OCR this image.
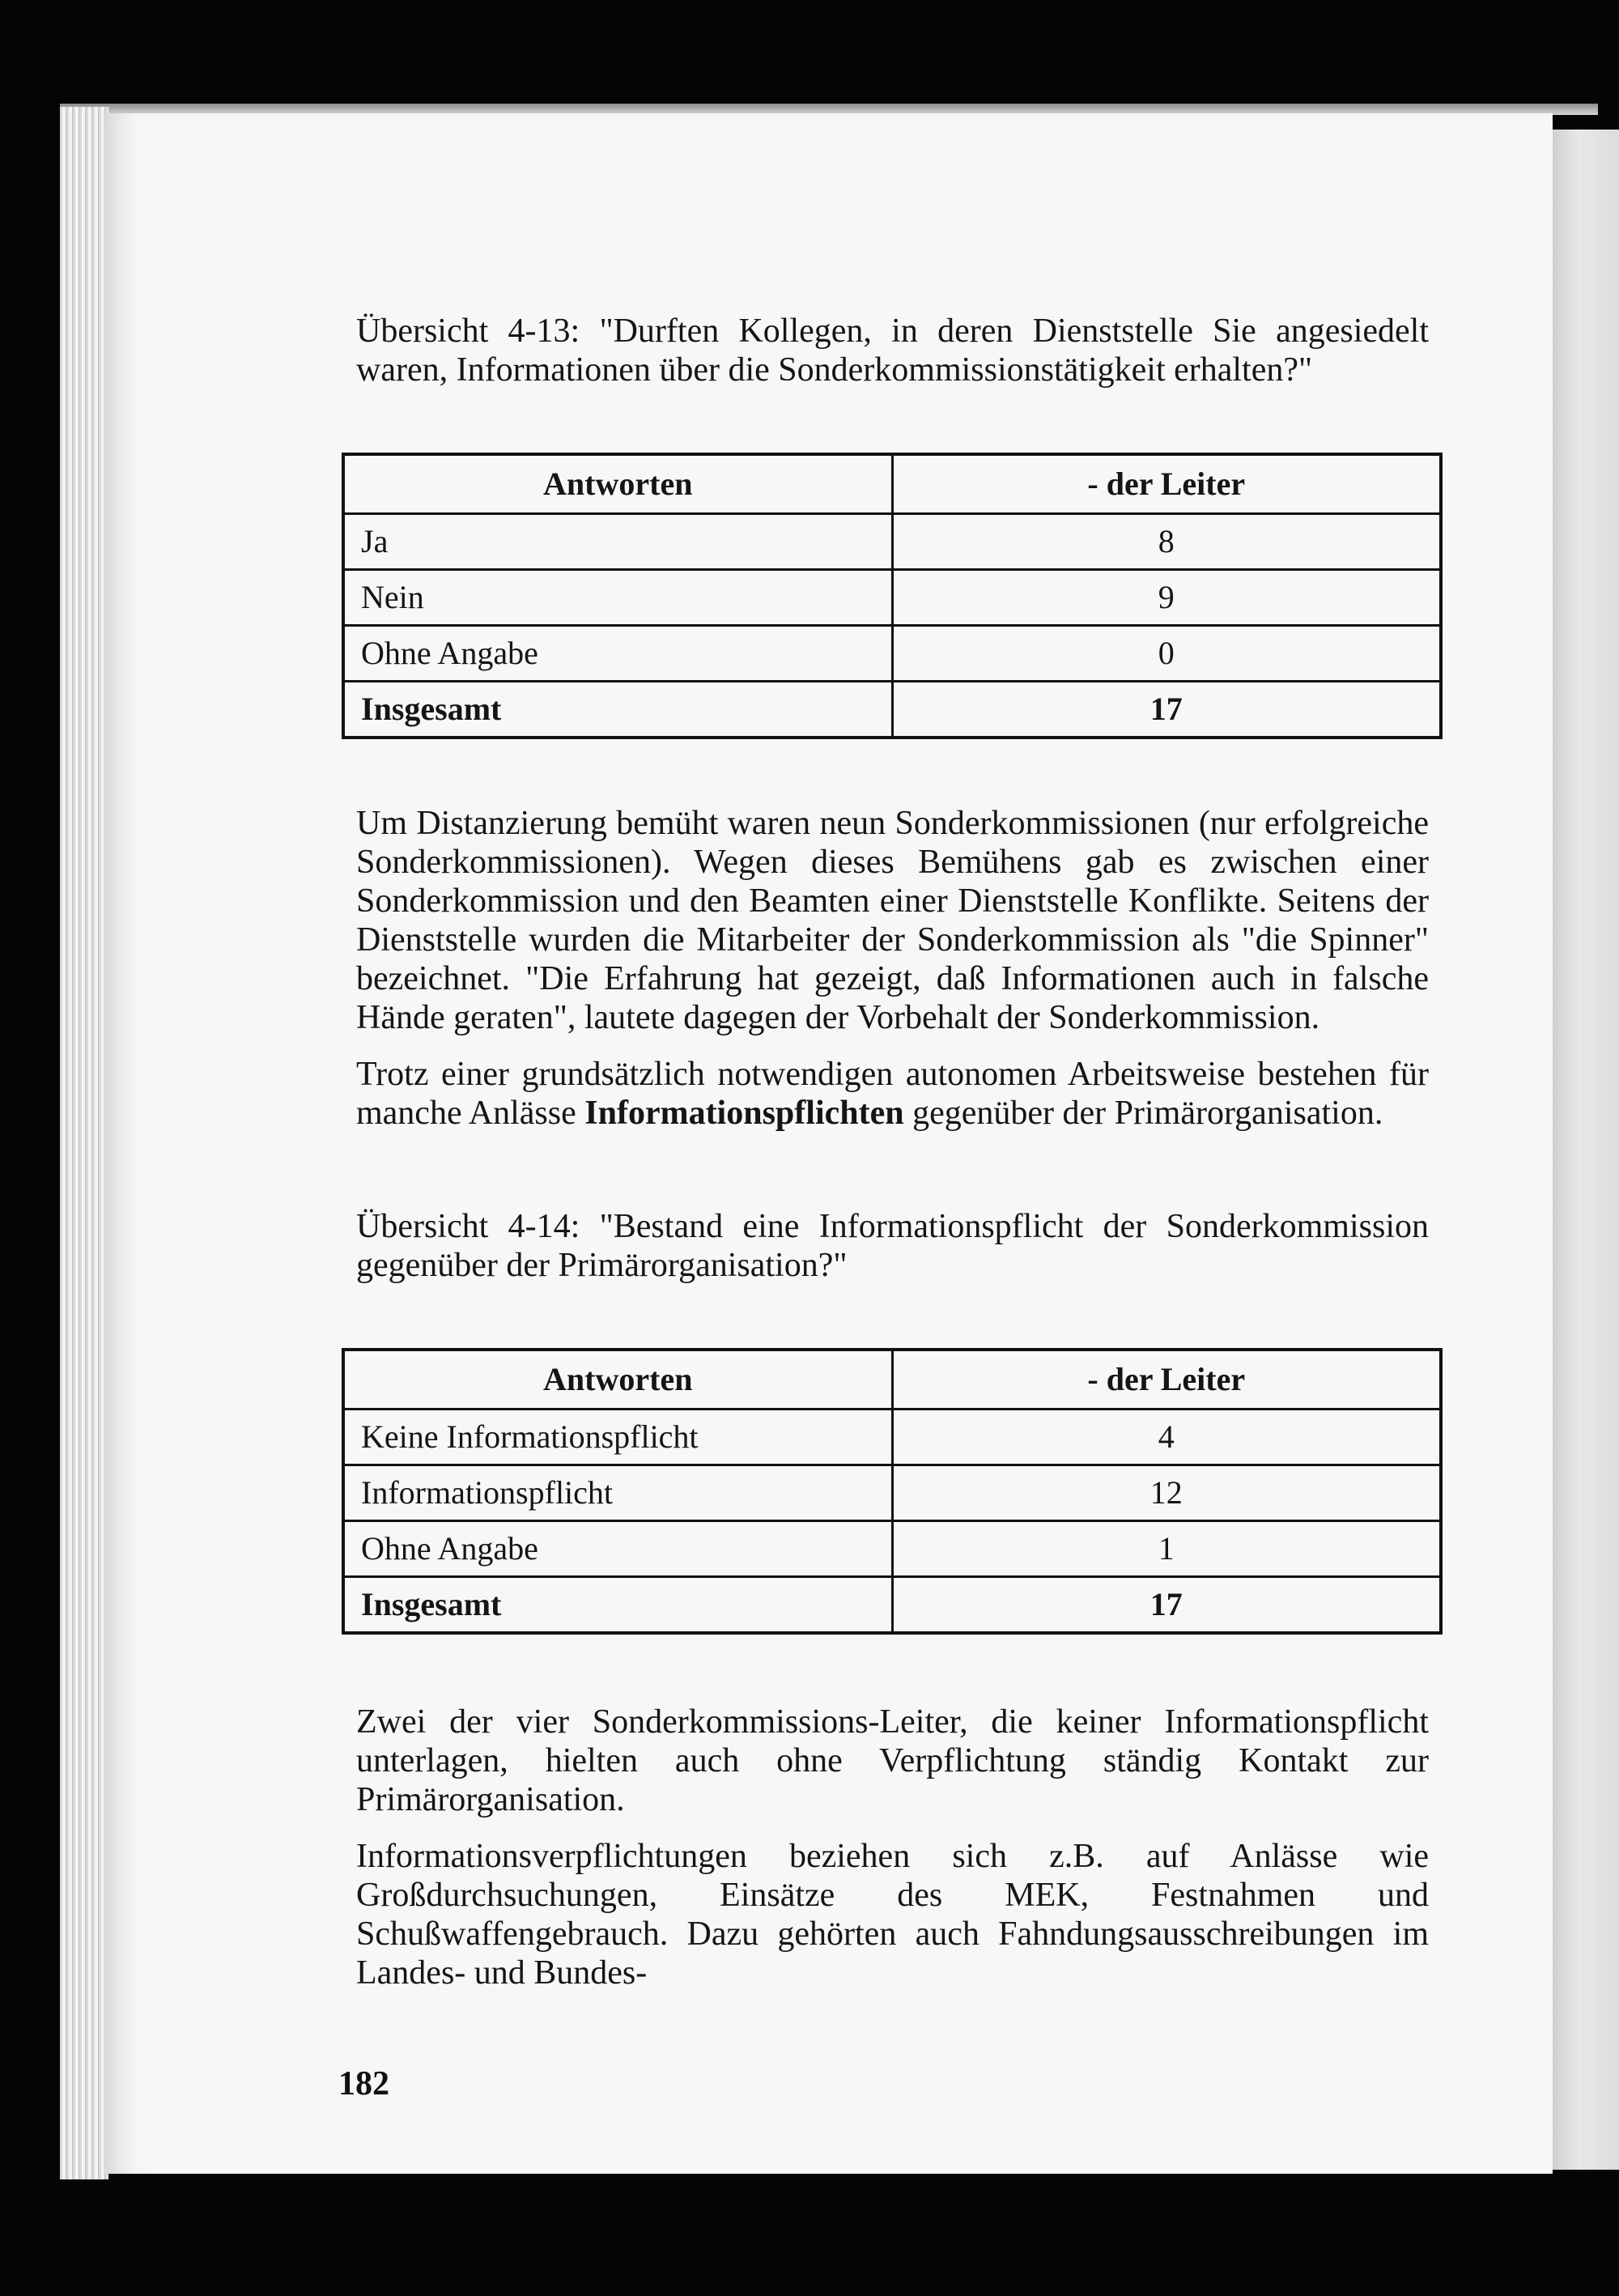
Übersicht 4-13: "Durften Kollegen, in deren Dienststelle Sie angesiedelt waren, Informationen über die Sonderkommissionstätigkeit erhalten?"

Antworten	- der Leiter
Ja	8
Nein	9
Ohne Angabe	0
Insgesamt	17

Um Distanzierung bemüht waren neun Sonderkommissionen (nur erfolgreiche Sonderkommissionen). Wegen dieses Bemühens gab es zwischen einer Sonderkommission und den Beamten einer Dienststelle Konflikte. Seitens der Dienststelle wurden die Mitarbeiter der Sonderkommission als "die Spinner" bezeichnet. "Die Erfahrung hat gezeigt, daß Informationen auch in falsche Hände geraten", lautete dagegen der Vorbehalt der Sonderkommission.

Trotz einer grundsätzlich notwendigen autonomen Arbeitsweise bestehen für manche Anlässe Informationspflichten gegenüber der Primärorganisation.

Übersicht 4-14: "Bestand eine Informationspflicht der Sonderkommission gegenüber der Primärorganisation?"

Antworten	- der Leiter
Keine Informationspflicht	4
Informationspflicht	12
Ohne Angabe	1
Insgesamt	17

Zwei der vier Sonderkommissions-Leiter, die keiner Informationspflicht unterlagen, hielten auch ohne Verpflichtung ständig Kontakt zur Primärorganisation.

Informationsverpflichtungen beziehen sich z.B. auf Anlässe wie Großdurchsuchungen, Einsätze des MEK, Festnahmen und Schußwaffengebrauch. Dazu gehörten auch Fahndungsausschreibungen im Landes- und Bundes-

182
